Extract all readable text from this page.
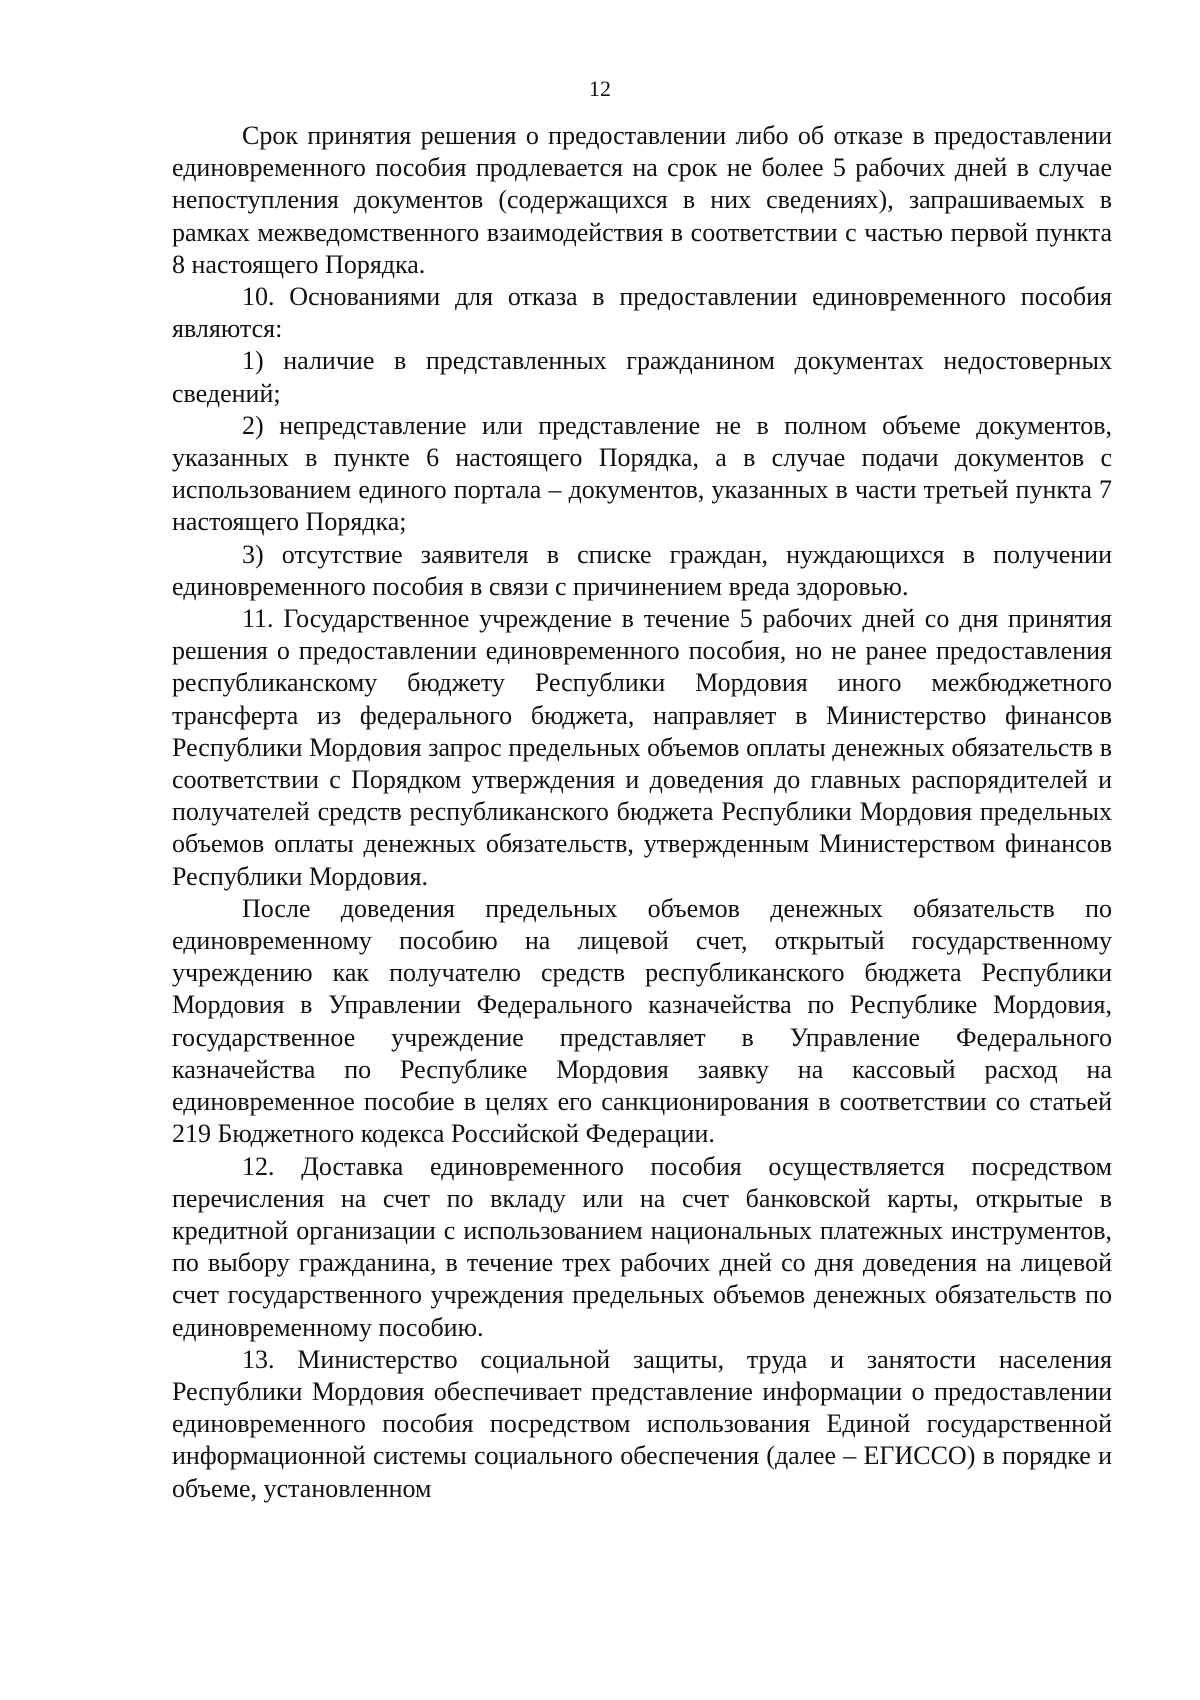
12

Срок принятия решения о предоставлении либо об отказе в предоставлении единовременного пособия продлевается на срок не более 5 рабочих дней в случае непоступления документов (содержащихся в них сведениях), запрашиваемых в рамках межведомственного взаимодействия в соответствии с частью первой пункта 8 настоящего Порядка.

10. Основаниями для отказа в предоставлении единовременного пособия являются:

1) наличие в представленных гражданином документах недостоверных сведений;

2) непредставление или представление не в полном объеме документов, указанных в пункте 6 настоящего Порядка, а в случае подачи документов с использованием единого портала – документов, указанных в части третьей пункта 7 настоящего Порядка;

3) отсутствие заявителя в списке граждан, нуждающихся в получении единовременного пособия в связи с причинением вреда здоровью.

11. Государственное учреждение в течение 5 рабочих дней со дня принятия решения о предоставлении единовременного пособия, но не ранее предоставления республиканскому бюджету Республики Мордовия иного межбюджетного трансферта из федерального бюджета, направляет в Министерство финансов Республики Мордовия запрос предельных объемов оплаты денежных обязательств в соответствии с Порядком утверждения и доведения до главных распорядителей и получателей средств республиканского бюджета Республики Мордовия предельных объемов оплаты денежных обязательств, утвержденным Министерством финансов Республики Мордовия.

После доведения предельных объемов денежных обязательств по единовременному пособию на лицевой счет, открытый государственному учреждению как получателю средств республиканского бюджета Республики Мордовия в Управлении Федерального казначейства по Республике Мордовия, государственное учреждение представляет в Управление Федерального казначейства по Республике Мордовия заявку на кассовый расход на единовременное пособие в целях его санкционирования в соответствии со статьей 219 Бюджетного кодекса Российской Федерации.

12. Доставка единовременного пособия осуществляется посредством перечисления на счет по вкладу или на счет банковской карты, открытые в кредитной организации с использованием национальных платежных инструментов, по выбору гражданина, в течение трех рабочих дней со дня доведения на лицевой счет государственного учреждения предельных объемов денежных обязательств по единовременному пособию.

13. Министерство социальной защиты, труда и занятости населения Республики Мордовия обеспечивает представление информации о предоставлении единовременного пособия посредством использования Единой государственной информационной системы социального обеспечения (далее – ЕГИССО) в порядке и объеме, установленном
